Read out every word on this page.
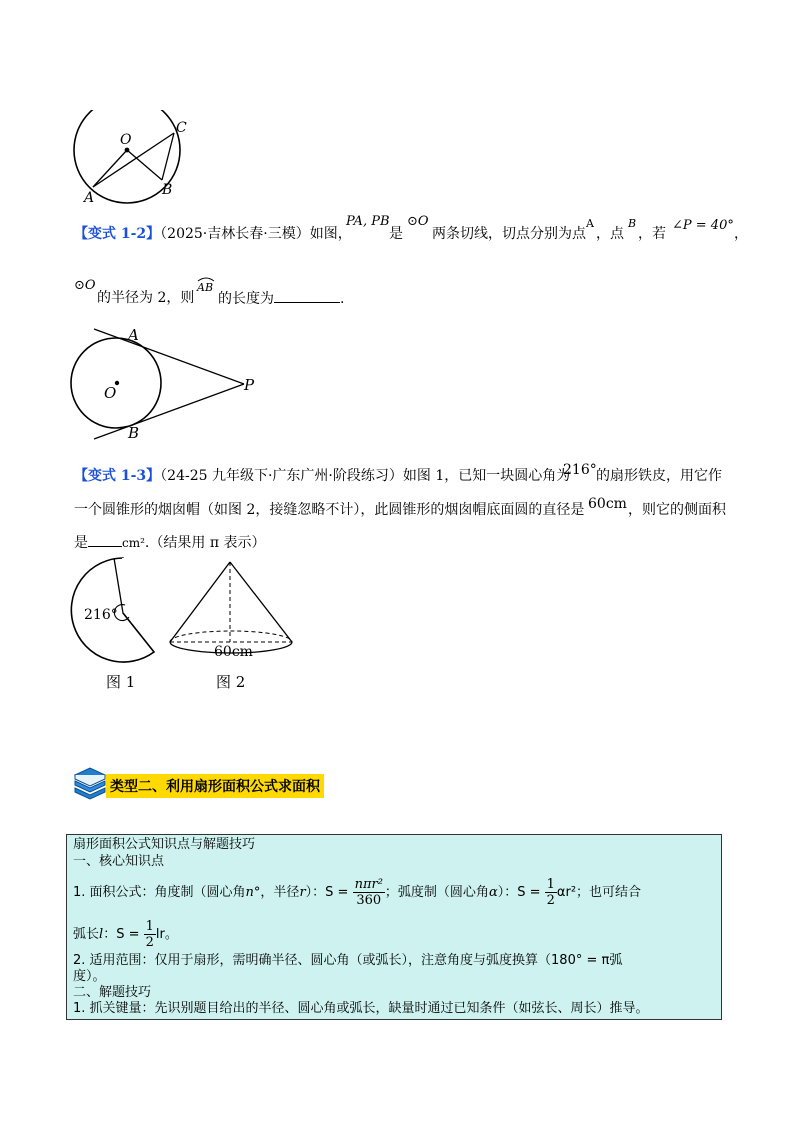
O
C
A	B
【变式 1-2】（2025·吉林长春·三模）如图，
PA, PB
是
⊙O
两条切线，切点分别为点
A
，点
B
，若
∠P = 40°
，
⊙O
的半径为 2，则
AB
的长度为	.
A
O	P
B
【变式 1-3】（24-25 九年级下·广东广州·阶段练习）如图 1，已知一块圆心角为
216° 的扇形铁皮，用它作
一个圆锥形的烟囱帽（如图 2，接缝忽略不计），此圆锥形的烟囱帽底面圆的直径是 60cm ，则它的侧面积
是	cm².（结果用 π 表示）
216°
60cm
图 1	图 2
类型二、利用扇形面积公式求面积
扇形面积公式知识点与解题技巧
一、核心知识点
1. 面积公式：角度制（圆心角n°，半径r）：$S = \frac{\text{nπr²}}{360}$ ；弧度制（圆心角α）：$S = \frac{1}{2} \alpha r^2$；也可结合
弧长l：$S = \frac{1}{2}$ lr。
2. 适用范围：仅用于扇形，需明确半径、圆心角（或弧长），注意角度与弧度换算（180° = π弧
度）。
二、解题技巧
1. 抓关键量：先识别题目给出的半径、圆心角或弧长，缺量时通过已知条件（如弦长、周长）推导。
